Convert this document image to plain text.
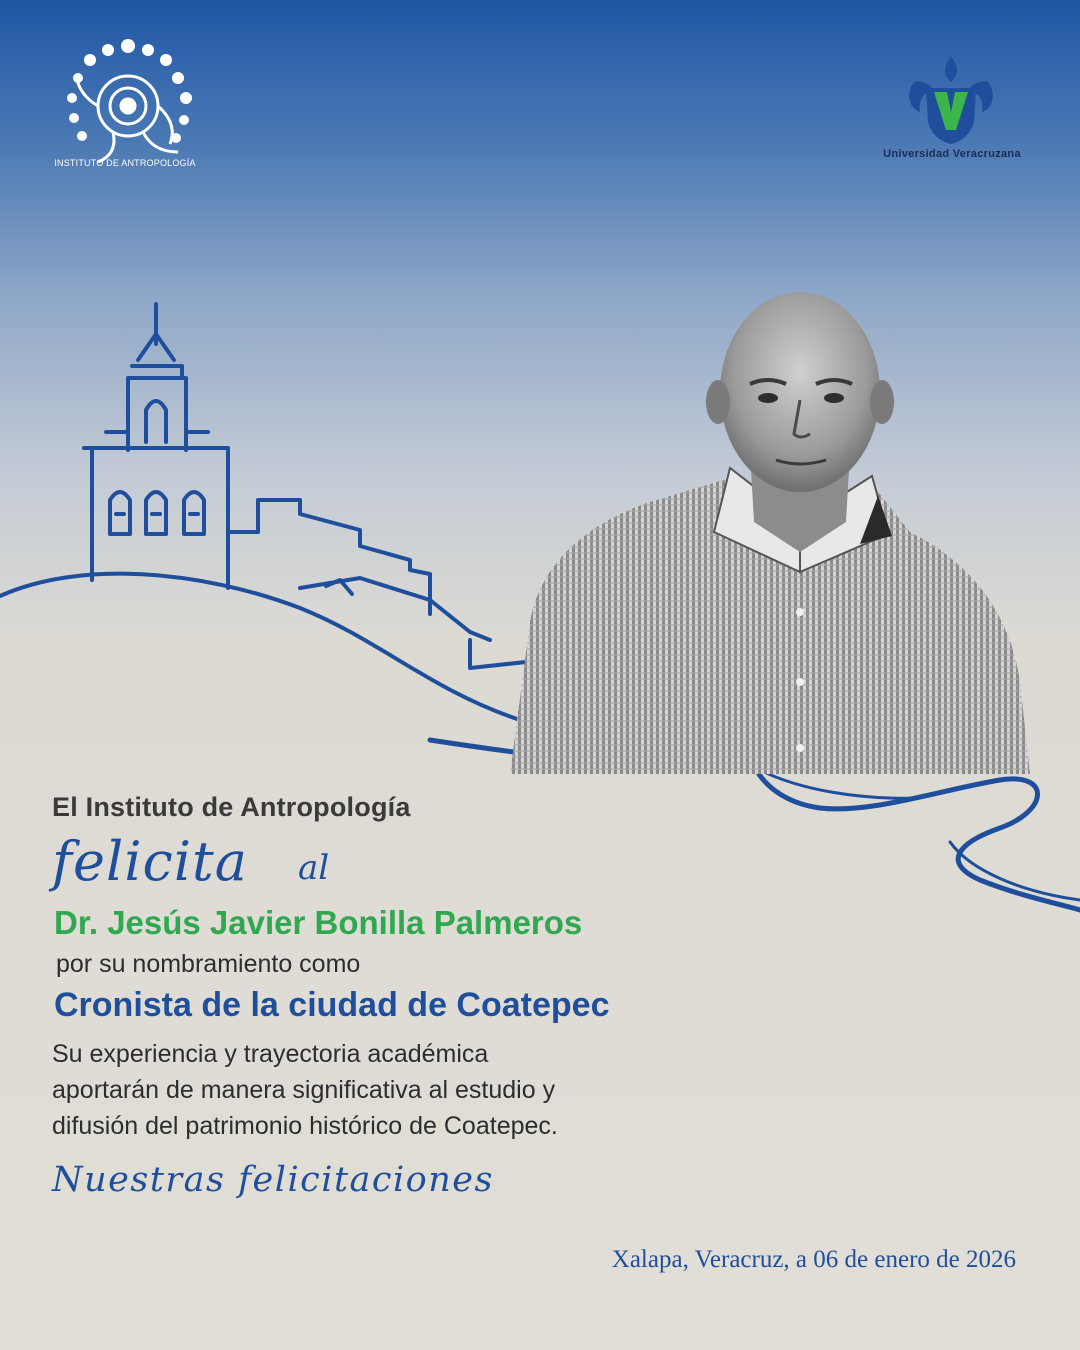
INSTITUTO DE ANTROPOLOGÍA
Universidad Veracruzana
El Instituto de Antropología
felicita al
Dr. Jesús Javier Bonilla Palmeros
por su nombramiento como
Cronista de la ciudad de Coatepec
Su experiencia y trayectoria académica
aportarán de manera significativa al estudio y
difusión del patrimonio histórico de Coatepec.
Nuestras felicitaciones
Xalapa, Veracruz, a 06 de enero de 2026
